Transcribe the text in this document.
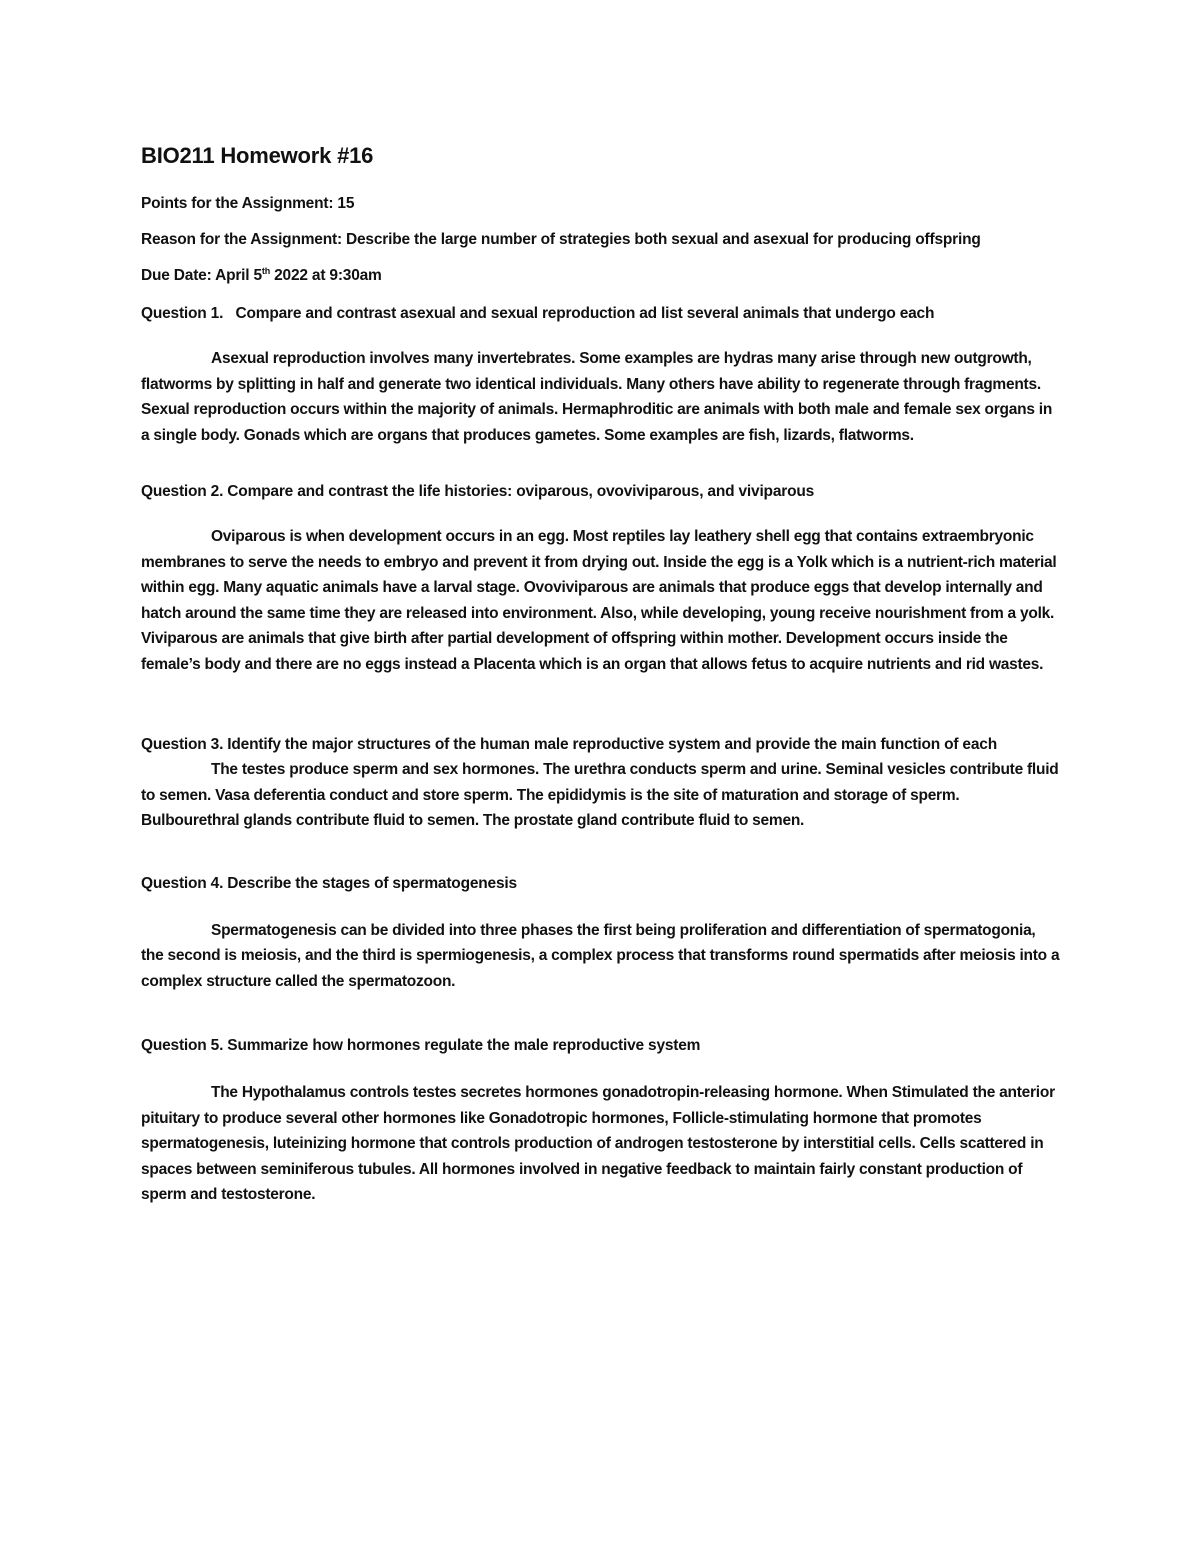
BIO211 Homework #16
Points for the Assignment: 15
Reason for the Assignment: Describe the large number of strategies both sexual and asexual for producing offspring
Due Date: April 5th 2022 at 9:30am
Question 1.   Compare and contrast asexual and sexual reproduction ad list several animals that undergo each
Asexual reproduction involves many invertebrates. Some examples are hydras many arise through new outgrowth, flatworms by splitting in half and generate two identical individuals. Many others have ability to regenerate through fragments. Sexual reproduction occurs within the majority of animals. Hermaphroditic are animals with both male and female sex organs in a single body. Gonads which are organs that produces gametes. Some examples are fish, lizards, flatworms.
Question 2. Compare and contrast the life histories: oviparous, ovoviviparous, and viviparous
Oviparous is when development occurs in an egg. Most reptiles lay leathery shell egg that contains extraembryonic membranes to serve the needs to embryo and prevent it from drying out. Inside the egg is a Yolk which is a nutrient-rich material within egg. Many aquatic animals have a larval stage. Ovoviviparous are animals that produce eggs that develop internally and hatch around the same time they are released into environment. Also, while developing, young receive nourishment from a yolk. Viviparous are animals that give birth after partial development of offspring within mother. Development occurs inside the female’s body and there are no eggs instead a Placenta which is an organ that allows fetus to acquire nutrients and rid wastes.
Question 3. Identify the major structures of the human male reproductive system and provide the main function of each
The testes produce sperm and sex hormones. The urethra conducts sperm and urine. Seminal vesicles contribute fluid to semen. Vasa deferentia conduct and store sperm. The epididymis is the site of maturation and storage of sperm. Bulbourethral glands contribute fluid to semen. The prostate gland contribute fluid to semen.
Question 4. Describe the stages of spermatogenesis
Spermatogenesis can be divided into three phases the first being proliferation and differentiation of spermatogonia, the second is meiosis, and the third is spermiogenesis, a complex process that transforms round spermatids after meiosis into a complex structure called the spermatozoon.
Question 5. Summarize how hormones regulate the male reproductive system
The Hypothalamus controls testes secretes hormones gonadotropin-releasing hormone. When Stimulated the anterior pituitary to produce several other hormones like Gonadotropic hormones, Follicle-stimulating hormone that promotes spermatogenesis, luteinizing hormone that controls production of androgen testosterone by interstitial cells. Cells scattered in spaces between seminiferous tubules. All hormones involved in negative feedback to maintain fairly constant production of sperm and testosterone.
